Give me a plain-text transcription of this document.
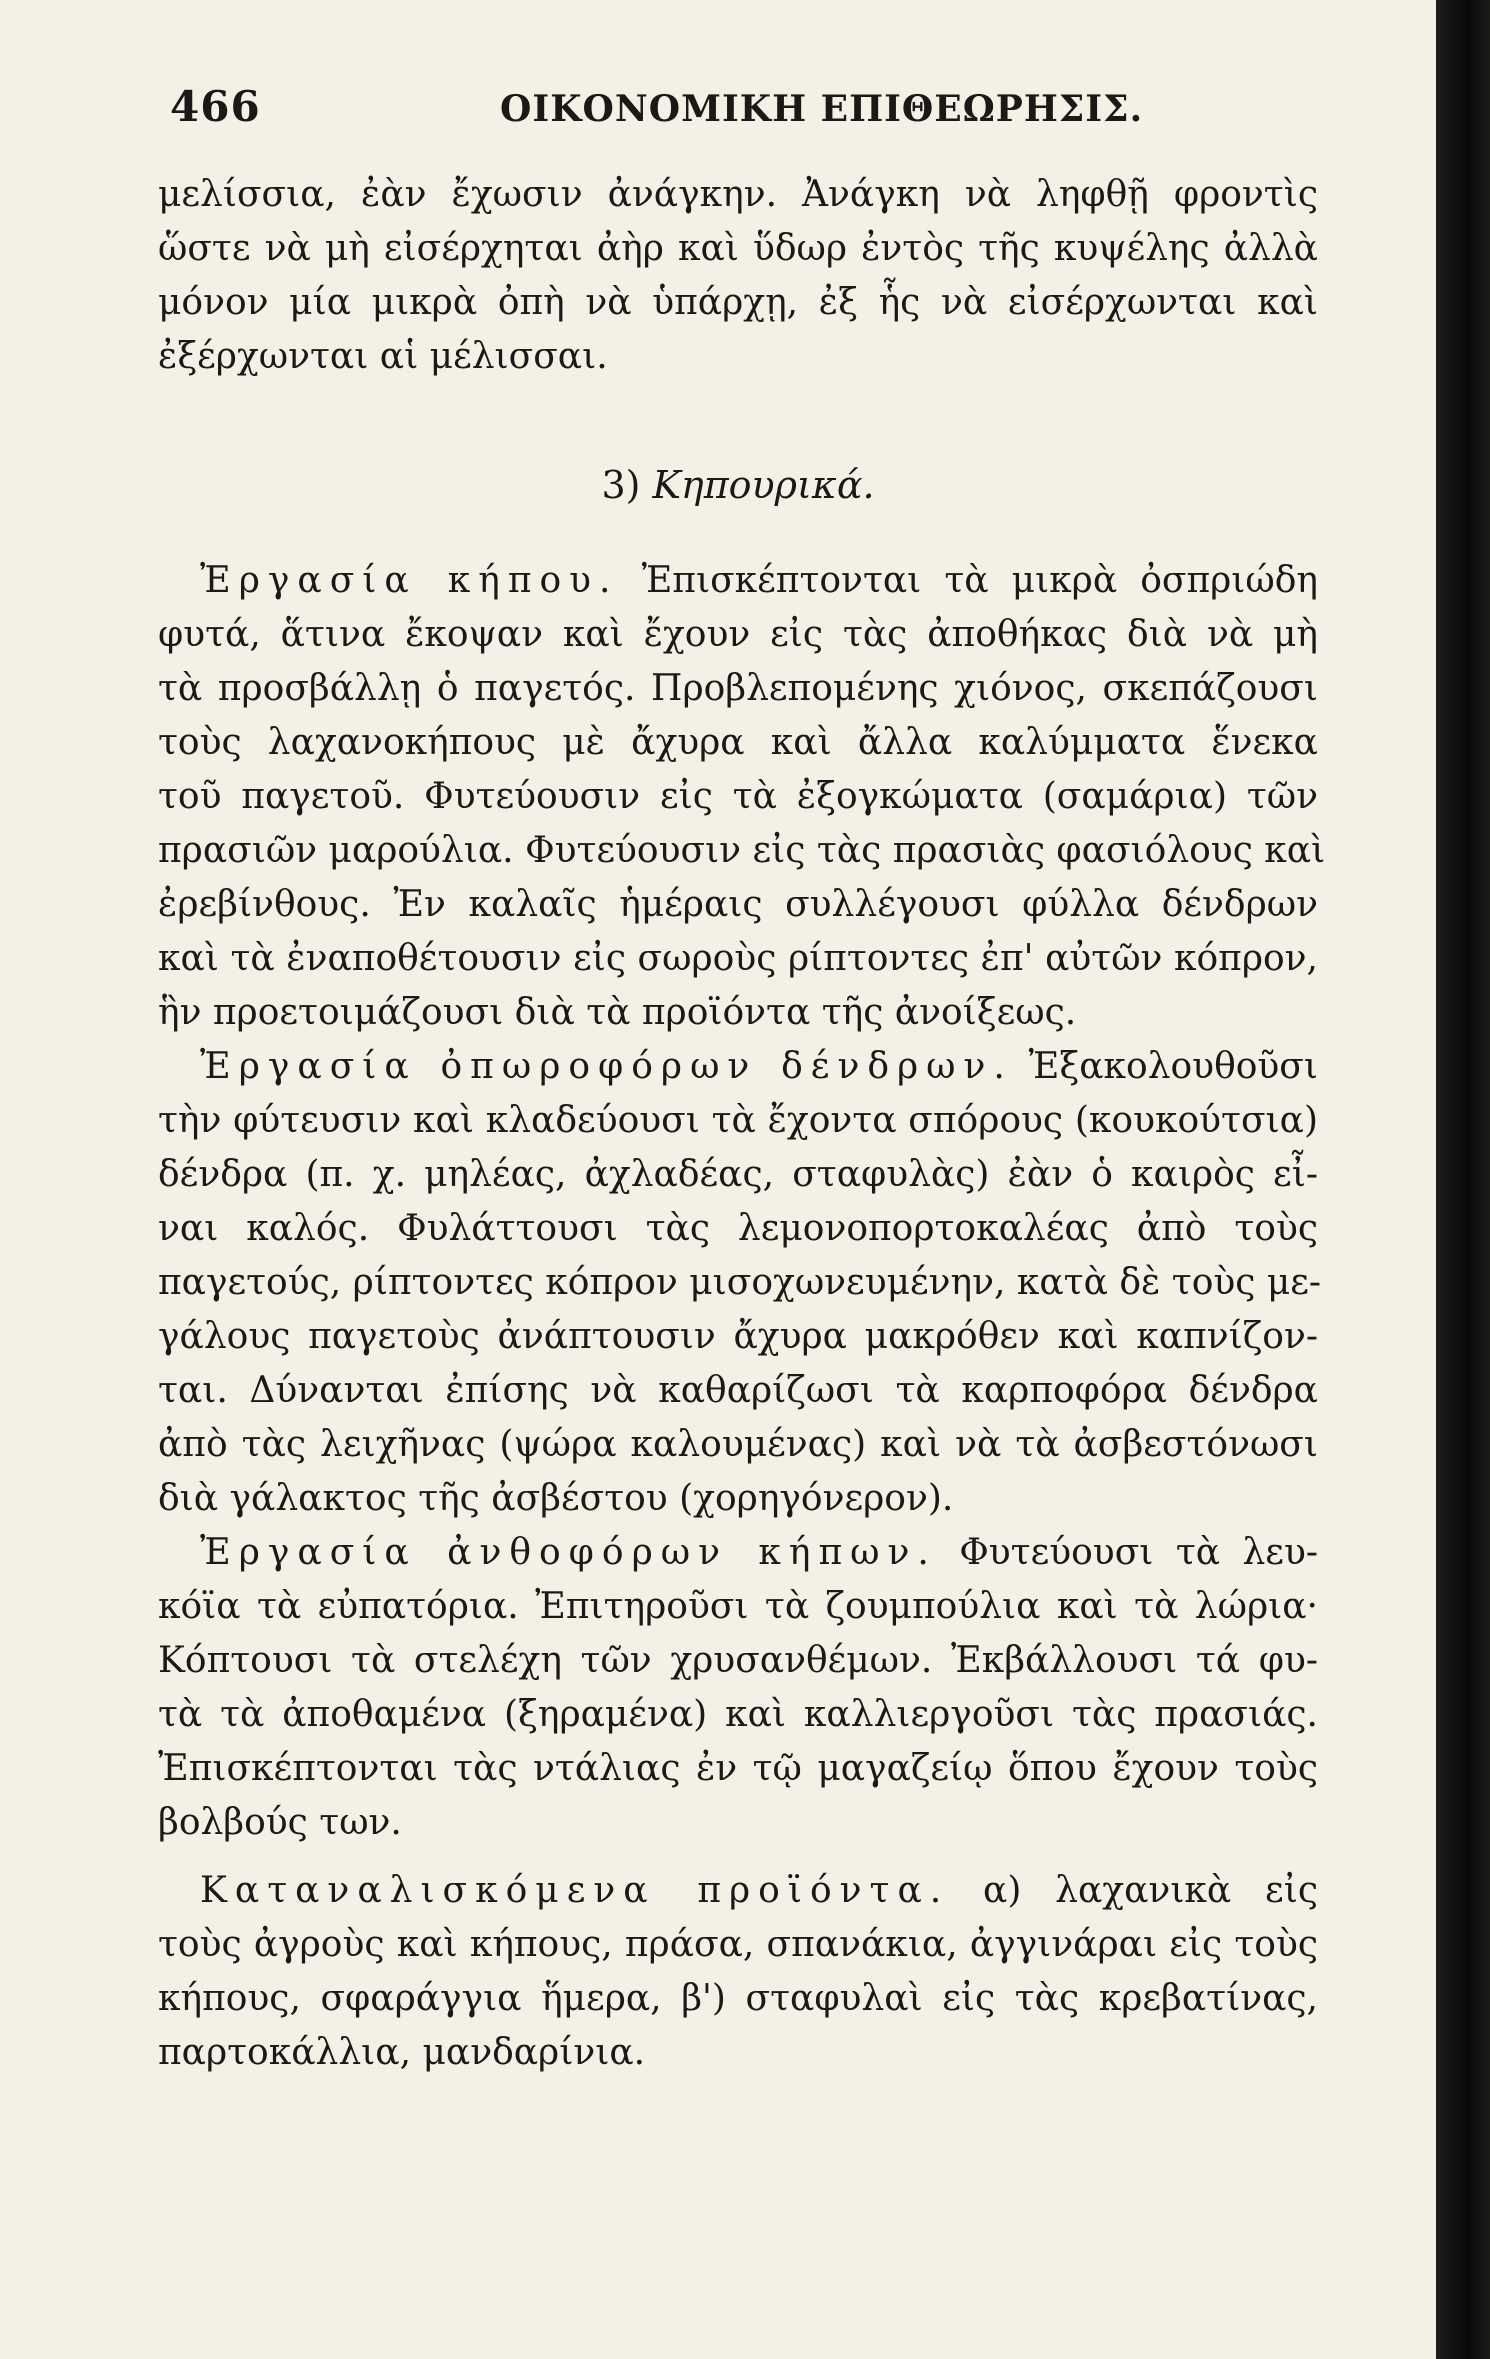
466	ΟΙΚΟΝΟΜΙΚΗ ΕΠΙΘΕΩΡΗΣΙΣ.
μελίσσια, ἐὰν ἔχωσιν ἀνάγκην. Ἀνάγκη νὰ ληφθῇ φροντὶς
ὥστε νὰ μὴ εἰσέρχηται ἀὴρ καὶ ὕδωρ ἐντὸς τῆς κυψέλης ἀλλὰ
μόνον μία μικρὰ ὀπὴ νὰ ὑπάρχῃ, ἐξ ἧς νὰ εἰσέρχωνται καὶ
ἐξέρχωνται αἱ μέλισσαι.
3) Κηπουρικά.
Ἐργασία κήπου. Ἐπισκέπτονται τὰ μικρὰ ὀσπριώδη
φυτά, ἅτινα ἔκοψαν καὶ ἔχουν εἰς τὰς ἀποθήκας διὰ νὰ μὴ
τὰ προσβάλλῃ ὁ παγετός. Προβλεπομένης χιόνος, σκεπάζουσι
τοὺς λαχανοκήπους μὲ ἄχυρα καὶ ἄλλα καλύμματα ἕνεκα
τοῦ παγετοῦ. Φυτεύουσιν εἰς τὰ ἐξογκώματα (σαμάρια) τῶν
πρασιῶν μαρούλια. Φυτεύουσιν εἰς τὰς πρασιὰς φασιόλους καὶ
ἐρεβίνθους. Ἐν καλαῖς ἡμέραις συλλέγουσι φύλλα δένδρων
καὶ τὰ ἐναποθέτουσιν εἰς σωροὺς ρίπτοντες ἐπ' αὐτῶν κόπρον,
ἣν προετοιμάζουσι διὰ τὰ προϊόντα τῆς ἀνοίξεως.
Ἐργασία ὀπωροφόρων δένδρων. Ἐξακολουθοῦσι
τὴν φύτευσιν καὶ κλαδεύουσι τὰ ἔχοντα σπόρους (κουκούτσια)
δένδρα (π. χ. μηλέας, ἀχλαδέας, σταφυλὰς) ἐὰν ὁ καιρὸς εἶ-
ναι καλός. Φυλάττουσι τὰς λεμονοπορτοκαλέας ἀπὸ τοὺς
παγετούς, ρίπτοντες κόπρον μισοχωνευμένην, κατὰ δὲ τοὺς με-
γάλους παγετοὺς ἀνάπτουσιν ἄχυρα μακρόθεν καὶ καπνίζον-
ται. Δύνανται ἐπίσης νὰ καθαρίζωσι τὰ καρποφόρα δένδρα
ἀπὸ τὰς λειχῆνας (ψώρα καλουμένας) καὶ νὰ τὰ ἀσβεστόνωσι
διὰ γάλακτος τῆς ἀσβέστου (χορηγόνερον).
Ἐργασία ἀνθοφόρων κήπων. Φυτεύουσι τὰ λευ-
κόϊα τὰ εὐπατόρια. Ἐπιτηροῦσι τὰ ζουμπούλια καὶ τὰ λώρια·
Κόπτουσι τὰ στελέχη τῶν χρυσανθέμων. Ἐκβάλλουσι τά φυ-
τὰ τὰ ἀποθαμένα (ξηραμένα) καὶ καλλιεργοῦσι τὰς πρασιάς.
Ἐπισκέπτονται τὰς ντάλιας ἐν τῷ μαγαζείῳ ὅπου ἔχουν τοὺς
βολβούς των.
Καταναλισκόμενα προϊόντα. α) λαχανικὰ εἰς
τοὺς ἀγροὺς καὶ κήπους, πράσα, σπανάκια, ἀγγινάραι εἰς τοὺς
κήπους, σφαράγγια ἥμερα, β') σταφυλαὶ εἰς τὰς κρεβατίνας,
παρτοκάλλια, μανδαρίνια.
